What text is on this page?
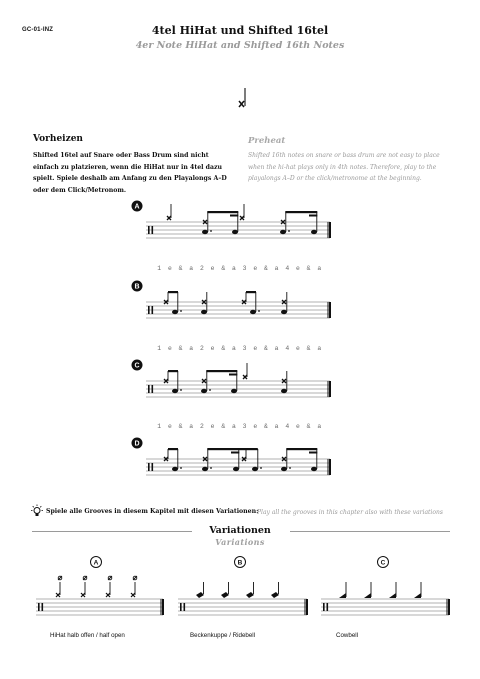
GC-01-INZ	4tel HiHat und Shifted 16tel
4er Note HiHat and Shifted 16th Notes
Vorheizen	Preheat
Shifted 16tel auf Snare oder Bass Drum sind nicht einfach zu platzieren, wenn die HiHat nur in 4tel dazu spielt. Spiele deshalb am Anfang zu den Playalongs A–D oder dem Click/Metronom.
Shifted 16th notes on snare or bass drum are not easy to place when the hi-hat plays only in 4th notes. Therefore, play to the playalongs A–D or the click/metronome at the beginning.
A
1 e & a 2 e & a 3 e & a 4 e & a
B
1 e & a 2 e & a 3 e & a 4 e & a
C
1 e & a 2 e & a 3 e & a 4 e & a
D
Spiele alle Grooves in diesem Kapitel mit diesen Variationen:
Play all the grooves in this chapter also with these variations
Variationen
Variations
A
HiHat halb offen / half open
B
Beckenkuppe / Ridebell
C
Cowbell
